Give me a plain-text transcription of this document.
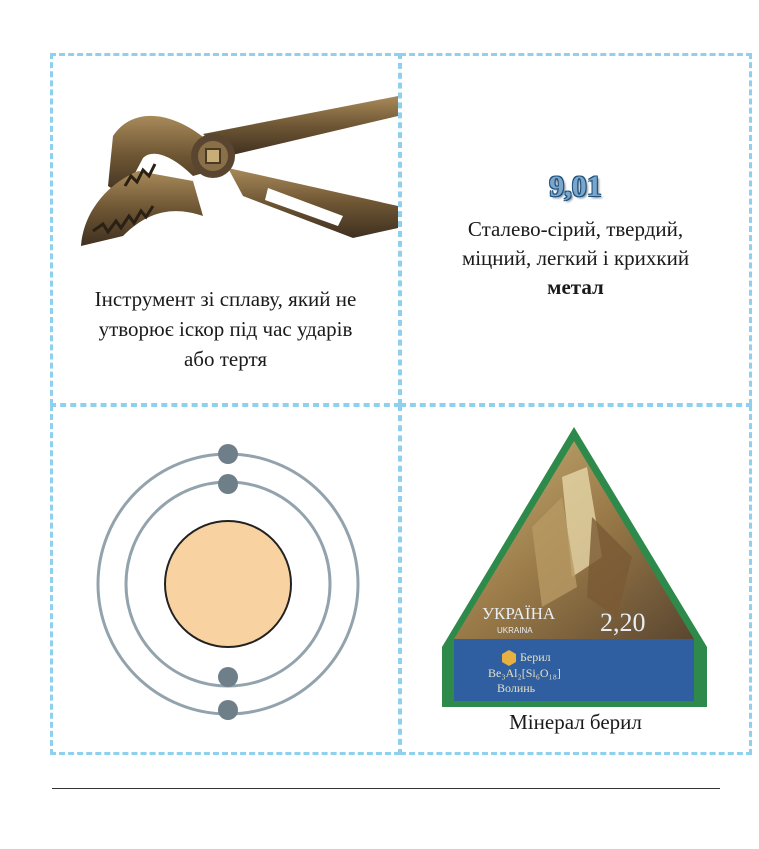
Інструмент зі сплаву, який не
утворює іскор під час ударів
або тертя
9,01
Сталево-сірий, твердий,
міцний, легкий і крихкий
метал
УКРАЇНА
UKRAINA	2,20
Берил
Be₃Al₂[Si₆O₁₈]
Волинь
Мінерал берил
